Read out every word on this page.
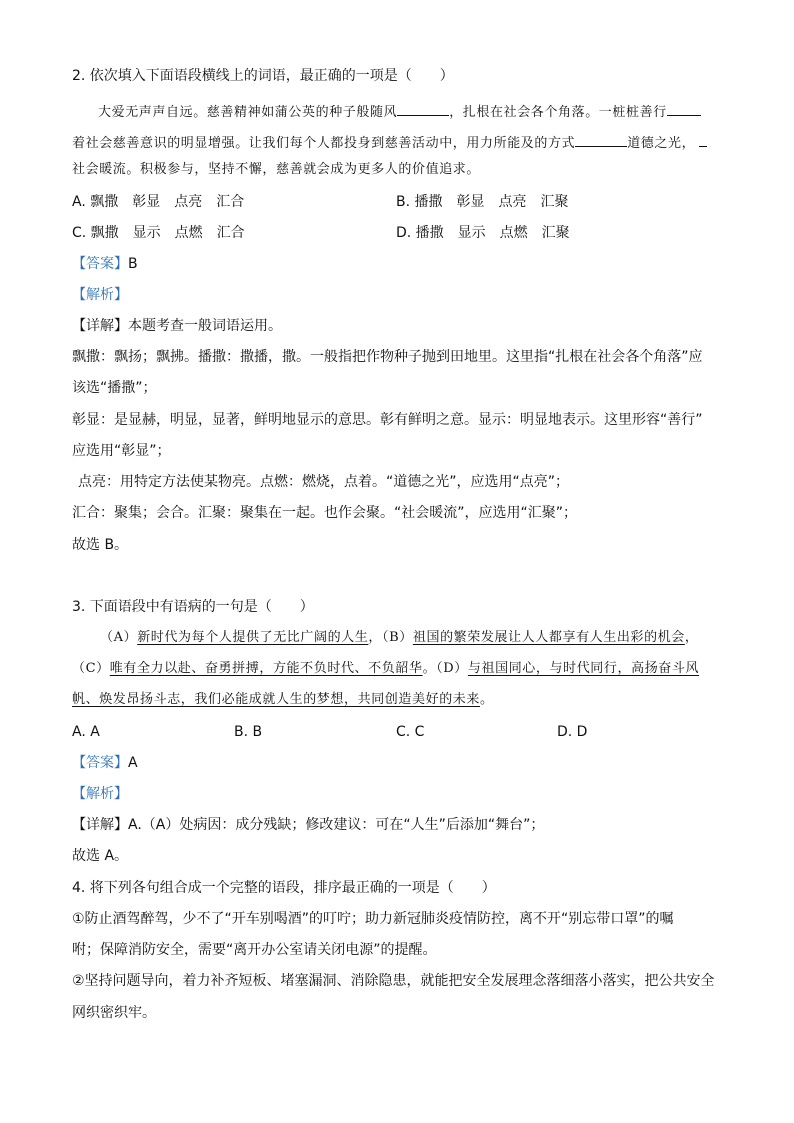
2. 依次填入下面语段横线上的词语，最正确的一项是（　　）
大爱无声声自远。慈善精神如蒲公英的种子般随风	，扎根在社会各个角落。一桩桩善行
着社会慈善意识的明显增强。让我们每个人都投身到慈善活动中，用力所能及的方式	道德之光，
社会暖流。积极参与，坚持不懈，慈善就会成为更多人的价值追求。
A. 飘撒　彰显　点亮　汇合	B. 播撒　彰显　点亮　汇聚
C. 飘撒　显示　点燃　汇合	D. 播撒　显示　点燃　汇聚
【答案】B
【解析】
【详解】本题考查一般词语运用。
飘撒：飘扬；飘拂。播撒：撒播，撒。一般指把作物种子抛到田地里。这里指“扎根在社会各个角落”应
该选“播撒”；
彰显：是显赫，明显，显著，鲜明地显示的意思。彰有鲜明之意。显示：明显地表示。这里形容“善行”
应选用“彰显”；
点亮：用特定方法使某物亮。点燃：燃烧，点着。“道德之光”，应选用“点亮”；
汇合：聚集；会合。汇聚：聚集在一起。也作会聚。“社会暖流”，应选用“汇聚”；
故选 B。
3. 下面语段中有语病的一句是（　　）
（A）新时代为每个人提供了无比广阔的人生，（B）祖国的繁荣发展让人人都享有人生出彩的机会，
（C）唯有全力以赴、奋勇拼搏，方能不负时代、不负韶华。（D）与祖国同心，与时代同行，高扬奋斗风
帆、焕发昂扬斗志，我们必能成就人生的梦想，共同创造美好的未来。
A. A	B. B	C. C	D. D
【答案】A
【解析】
【详解】A.（A）处病因：成分残缺；修改建议：可在“人生”后添加“舞台”；
故选 A。
4. 将下列各句组合成一个完整的语段，排序最正确的一项是（　　）
①防止酒驾醉驾，少不了“开车别喝酒”的叮咛；助力新冠肺炎疫情防控，离不开“别忘带口罩”的嘱
咐；保障消防安全，需要“离开办公室请关闭电源”的提醒。
②坚持问题导向，着力补齐短板、堵塞漏洞、消除隐患，就能把安全发展理念落细落小落实，把公共安全
网织密织牢。
